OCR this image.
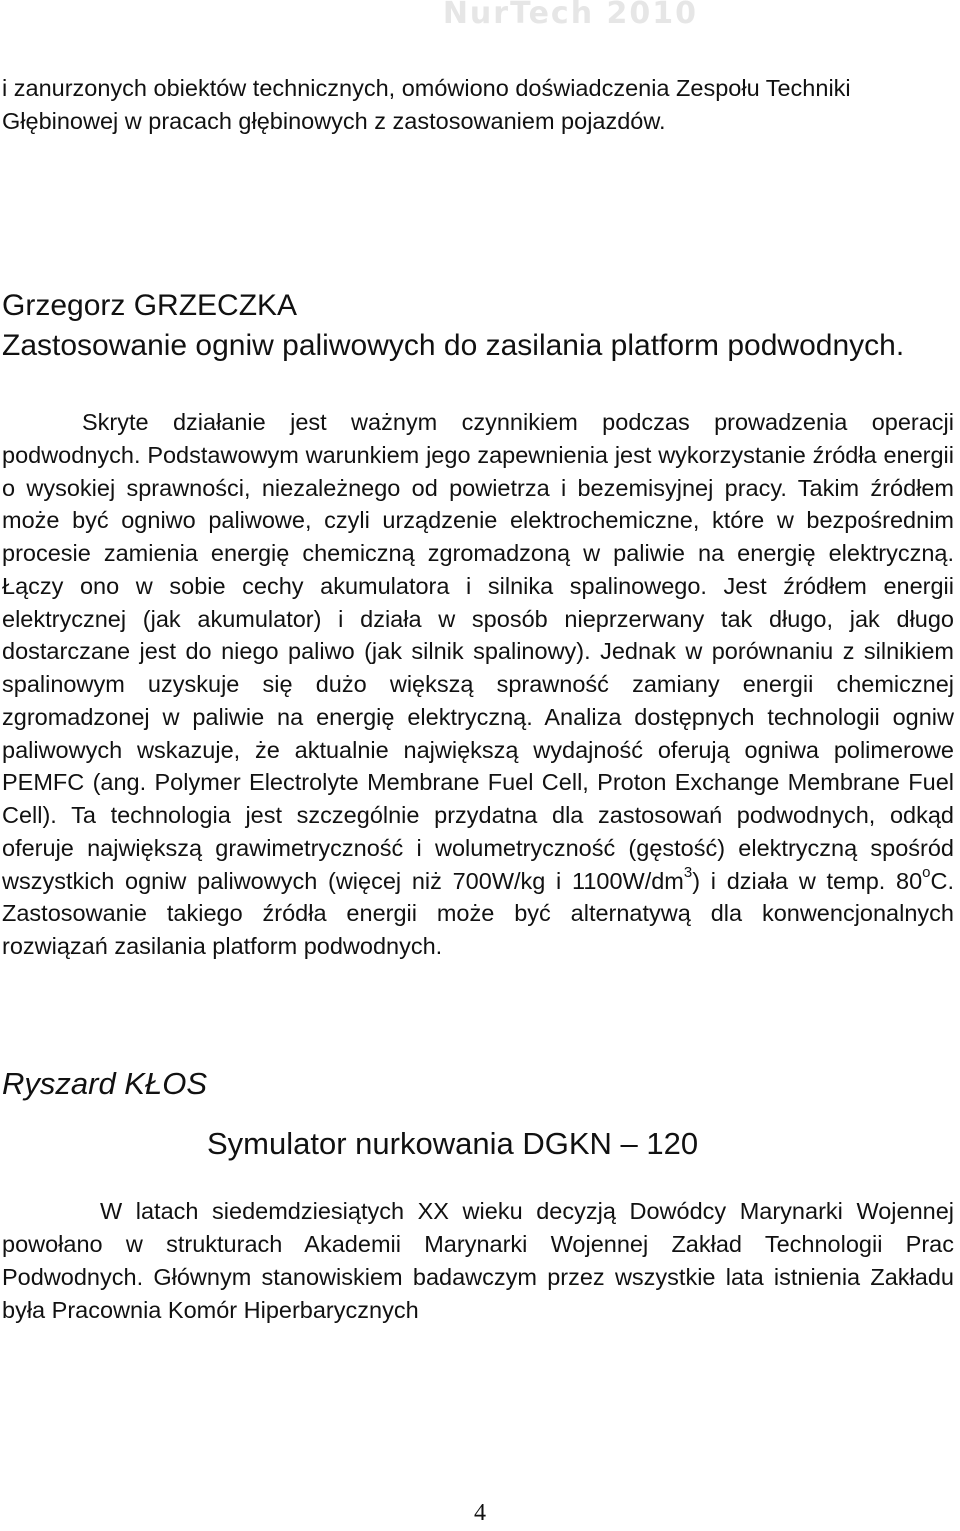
NurTech 2010

i zanurzonych obiektów technicznych, omówiono doświadczenia Zespołu Techniki Głębinowej w pracach głębinowych z zastosowaniem pojazdów.

Grzegorz GRZECZKA

Zastosowanie ogniw paliwowych do zasilania platform podwodnych.

Skryte działanie jest ważnym czynnikiem podczas prowadzenia operacji podwodnych. Podstawowym warunkiem jego zapewnienia jest wykorzystanie źródła energii o wysokiej sprawności, niezależnego od powietrza i bezemisyjnej pracy. Takim źródłem może być ogniwo paliwowe, czyli urządzenie elektrochemiczne, które w bezpośrednim procesie zamienia energię chemiczną zgromadzoną w paliwie na energię elektryczną. Łączy ono w sobie cechy akumulatora i silnika spalinowego. Jest źródłem energii elektrycznej (jak akumulator) i działa w sposób nieprzerwany tak długo, jak długo dostarczane jest do niego paliwo (jak silnik spalinowy). Jednak w porównaniu z silnikiem spalinowym uzyskuje się dużo większą sprawność zamiany energii chemicznej zgromadzonej w paliwie na energię elektryczną. Analiza dostępnych technologii ogniw paliwowych wskazuje, że aktualnie największą wydajność oferują ogniwa polimerowe PEMFC (ang. Polymer Electrolyte Membrane Fuel Cell, Proton Exchange Membrane Fuel Cell). Ta technologia jest szczególnie przydatna dla zastosowań podwodnych, odkąd oferuje największą grawimetryczność i wolumetryczność (gęstość) elektryczną spośród wszystkich ogniw paliwowych (więcej niż 700W/kg i $1100W/dm^3$) i działa w temp. 80$^o$C. Zastosowanie takiego źródła energii może być alternatywą dla konwencjonalnych rozwiązań zasilania platform podwodnych.

Ryszard KŁOS

Symulator nurkowania DGKN – 120

W latach siedemdziesiątych XX wieku decyzją Dowódcy Marynarki Wojennej powołano w strukturach Akademii Marynarki Wojennej Zakład Technologii Prac Podwodnych. Głównym stanowiskiem badawczym przez wszystkie lata istnienia Zakładu była Pracownia Komór Hiperbarycznych

4
